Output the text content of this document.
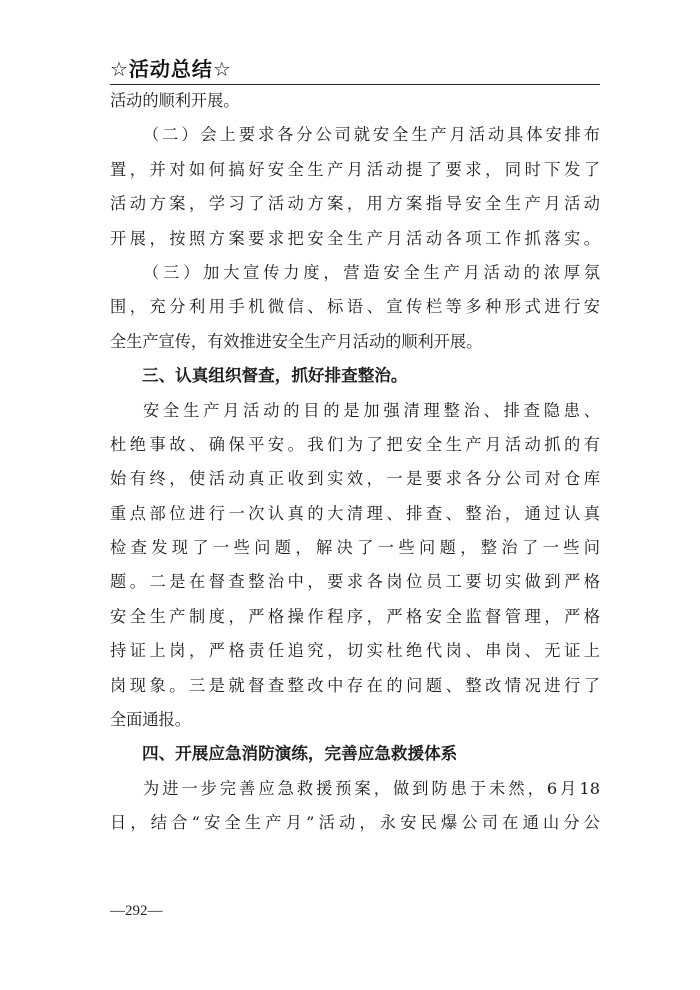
☆活动总结☆
活动的顺利开展。
（二）会上要求各分公司就安全生产月活动具体安排布
置，并对如何搞好安全生产月活动提了要求，同时下发了
活动方案，学习了活动方案，用方案指导安全生产月活动
开展，按照方案要求把安全生产月活动各项工作抓落实。
（三）加大宣传力度，营造安全生产月活动的浓厚氛
围，充分利用手机微信、标语、宣传栏等多种形式进行安
全生产宣传，有效推进安全生产月活动的顺利开展。
三、认真组织督查，抓好排查整治。
安全生产月活动的目的是加强清理整治、排查隐患、
杜绝事故、确保平安。我们为了把安全生产月活动抓的有
始有终，使活动真正收到实效，一是要求各分公司对仓库
重点部位进行一次认真的大清理、排查、整治，通过认真
检查发现了一些问题，解决了一些问题，整治了一些问
题。二是在督查整治中，要求各岗位员工要切实做到严格
安全生产制度，严格操作程序，严格安全监督管理，严格
持证上岗，严格责任追究，切实杜绝代岗、串岗、无证上
岗现象。三是就督查整改中存在的问题、整改情况进行了
全面通报。
四、开展应急消防演练，完善应急救援体系
为进一步完善应急救援预案，做到防患于未然，6月18
日，结合“安全生产月”活动，永安民爆公司在通山分公
—292—
